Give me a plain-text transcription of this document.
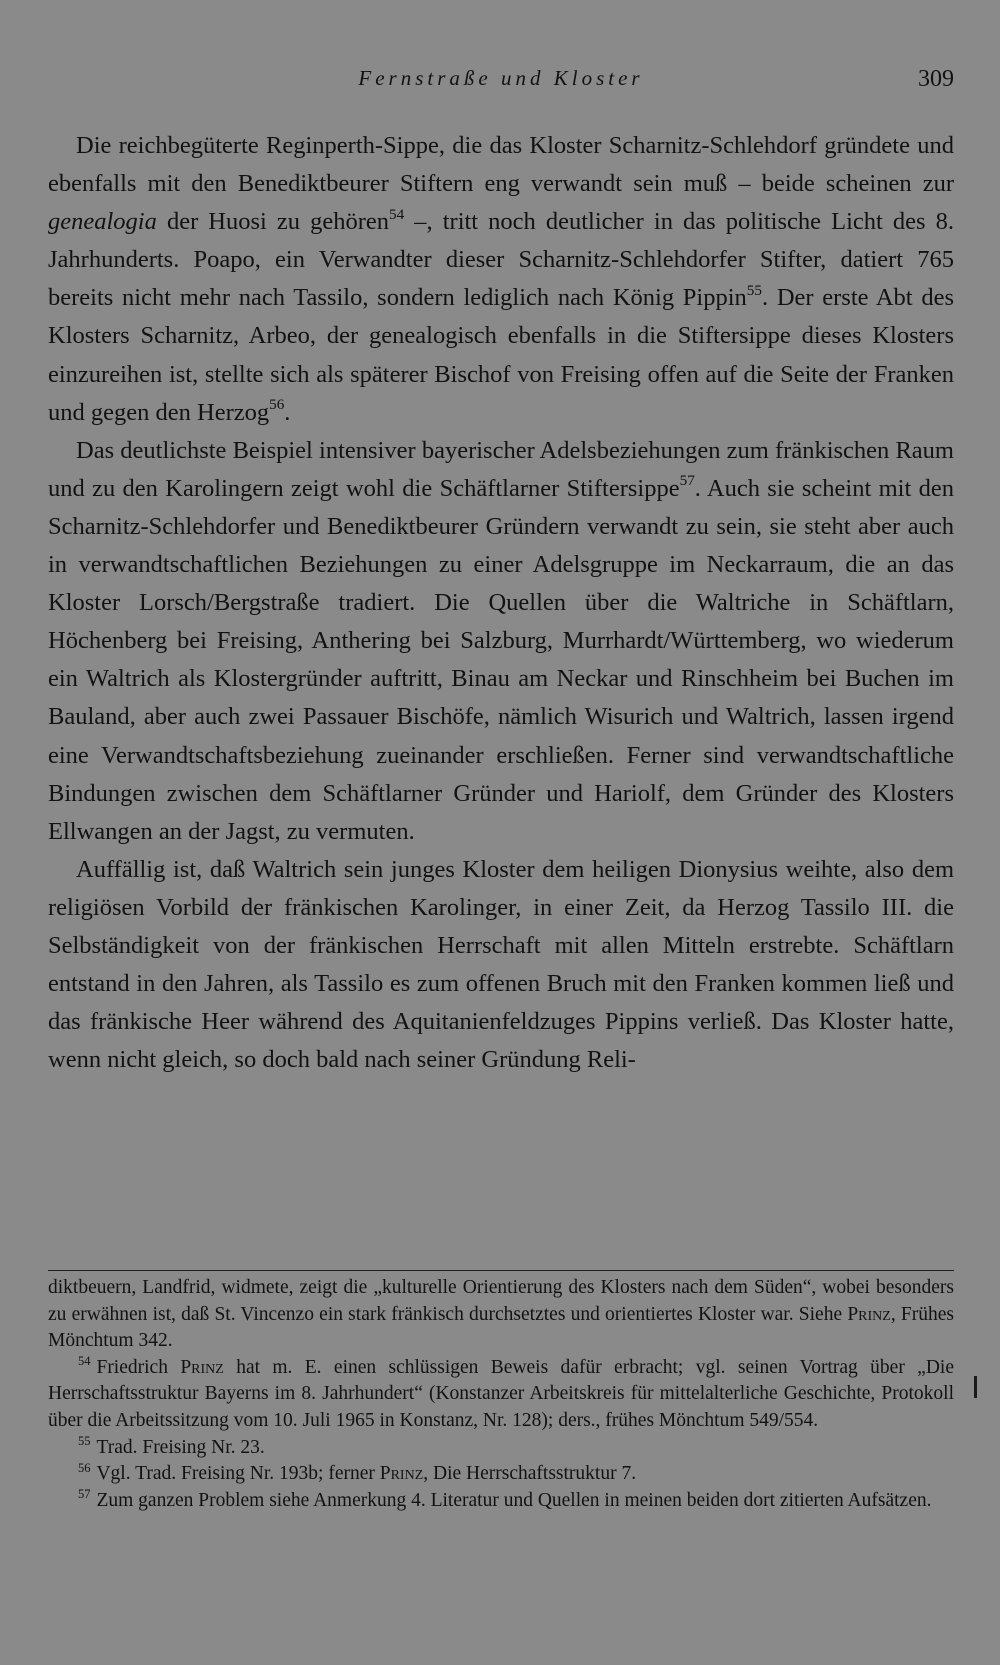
Fernstraße und Kloster	309

Die reichbegüterte Reginperth-Sippe, die das Kloster Scharnitz-Schlehdorf gründete und ebenfalls mit den Benediktbeurer Stiftern eng verwandt sein muß – beide scheinen zur genealogia der Huosi zu gehören$^{54}$ –, tritt noch deutlicher in das politische Licht des 8. Jahrhunderts. Poapo, ein Verwandter dieser Scharnitz-Schlehdorfer Stifter, datiert 765 bereits nicht mehr nach Tassilo, sondern lediglich nach König Pippin$^{55}$. Der erste Abt des Klosters Scharnitz, Arbeo, der genealogisch ebenfalls in die Stiftersippe dieses Klosters einzureihen ist, stellte sich als späterer Bischof von Freising offen auf die Seite der Franken und gegen den Herzog$^{56}$.

Das deutlichste Beispiel intensiver bayerischer Adelsbeziehungen zum fränkischen Raum und zu den Karolingern zeigt wohl die Schäftlarner Stiftersippe$^{57}$. Auch sie scheint mit den Scharnitz-Schlehdorfer und Benediktbeurer Gründern verwandt zu sein, sie steht aber auch in verwandtschaftlichen Beziehungen zu einer Adelsgruppe im Neckarraum, die an das Kloster Lorsch/Bergstraße tradiert. Die Quellen über die Waltriche in Schäftlarn, Höchenberg bei Freising, Anthering bei Salzburg, Murrhardt/Württemberg, wo wiederum ein Waltrich als Klostergründer auftritt, Binau am Neckar und Rinschheim bei Buchen im Bauland, aber auch zwei Passauer Bischöfe, nämlich Wisurich und Waltrich, lassen irgend eine Verwandtschaftsbeziehung zueinander erschließen. Ferner sind verwandtschaftliche Bindungen zwischen dem Schäftlarner Gründer und Hariolf, dem Gründer des Klosters Ellwangen an der Jagst, zu vermuten.

Auffällig ist, daß Waltrich sein junges Kloster dem heiligen Dionysius weihte, also dem religiösen Vorbild der fränkischen Karolinger, in einer Zeit, da Herzog Tassilo III. die Selbständigkeit von der fränkischen Herrschaft mit allen Mitteln erstrebte. Schäftlarn entstand in den Jahren, als Tassilo es zum offenen Bruch mit den Franken kommen ließ und das fränkische Heer während des Aquitanienfeldzuges Pippins verließ. Das Kloster hatte, wenn nicht gleich, so doch bald nach seiner Gründung Reli-

diktbeuern, Landfrid, widmete, zeigt die „kulturelle Orientierung des Klosters nach dem Süden“, wobei besonders zu erwähnen ist, daß St. Vincenzo ein stark fränkisch durchsetztes und orientiertes Kloster war. Siehe Prinz, Frühes Mönchtum 342.

$^{54}$ Friedrich Prinz hat m. E. einen schlüssigen Beweis dafür erbracht; vgl. seinen Vortrag über „Die Herrschaftsstruktur Bayerns im 8. Jahrhundert“ (Konstanzer Arbeitskreis für mittelalterliche Geschichte, Protokoll über die Arbeitssitzung vom 10. Juli 1965 in Konstanz, Nr. 128); ders., frühes Mönchtum 549/554.

$^{55}$ Trad. Freising Nr. 23.

$^{56}$ Vgl. Trad. Freising Nr. 193b; ferner Prinz, Die Herrschaftsstruktur 7.

$^{57}$ Zum ganzen Problem siehe Anmerkung 4. Literatur und Quellen in meinen beiden dort zitierten Aufsätzen.
